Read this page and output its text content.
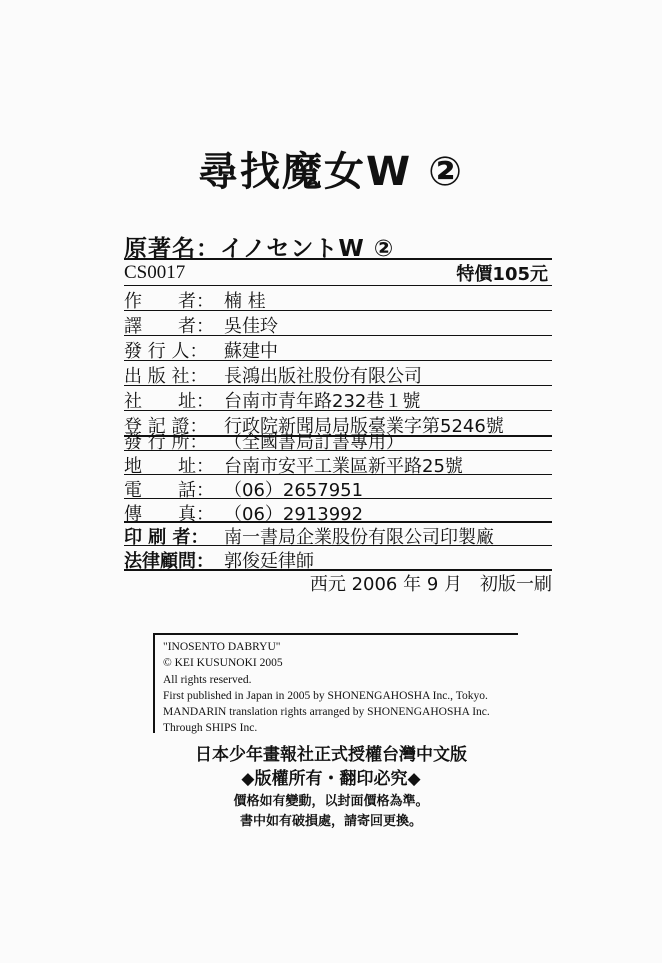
尋找魔女W ②
原著名：イノセントW ②
CS0017	特價105元
作　　者： 楠 桂
譯　　者： 吳佳玲
發 行 人： 蘇建中
出 版 社： 長鴻出版社股份有限公司
社　　址： 台南市青年路232巷１號
登 記 證： 行政院新聞局局版臺業字第5246號
發 行 所： （全國書局訂書專用）
地　　址： 台南市安平工業區新平路25號
電　　話： （06）2657951
傳　　真： （06）2913992
印 刷 者： 南一書局企業股份有限公司印製廠
法律顧問： 郭俊廷律師
西元 2006 年 9 月　初版一刷
"INOSENTO DABRYU"
© KEI KUSUNOKI 2005
All rights reserved.
First published in Japan in 2005 by SHONENGAHOSHA Inc., Tokyo.
MANDARIN translation rights arranged by SHONENGAHOSHA Inc.
Through SHIPS Inc.
日本少年畫報社正式授權台灣中文版
◆版權所有・翻印必究◆
價格如有變動，以封面價格為準。
書中如有破損處，請寄回更換。
